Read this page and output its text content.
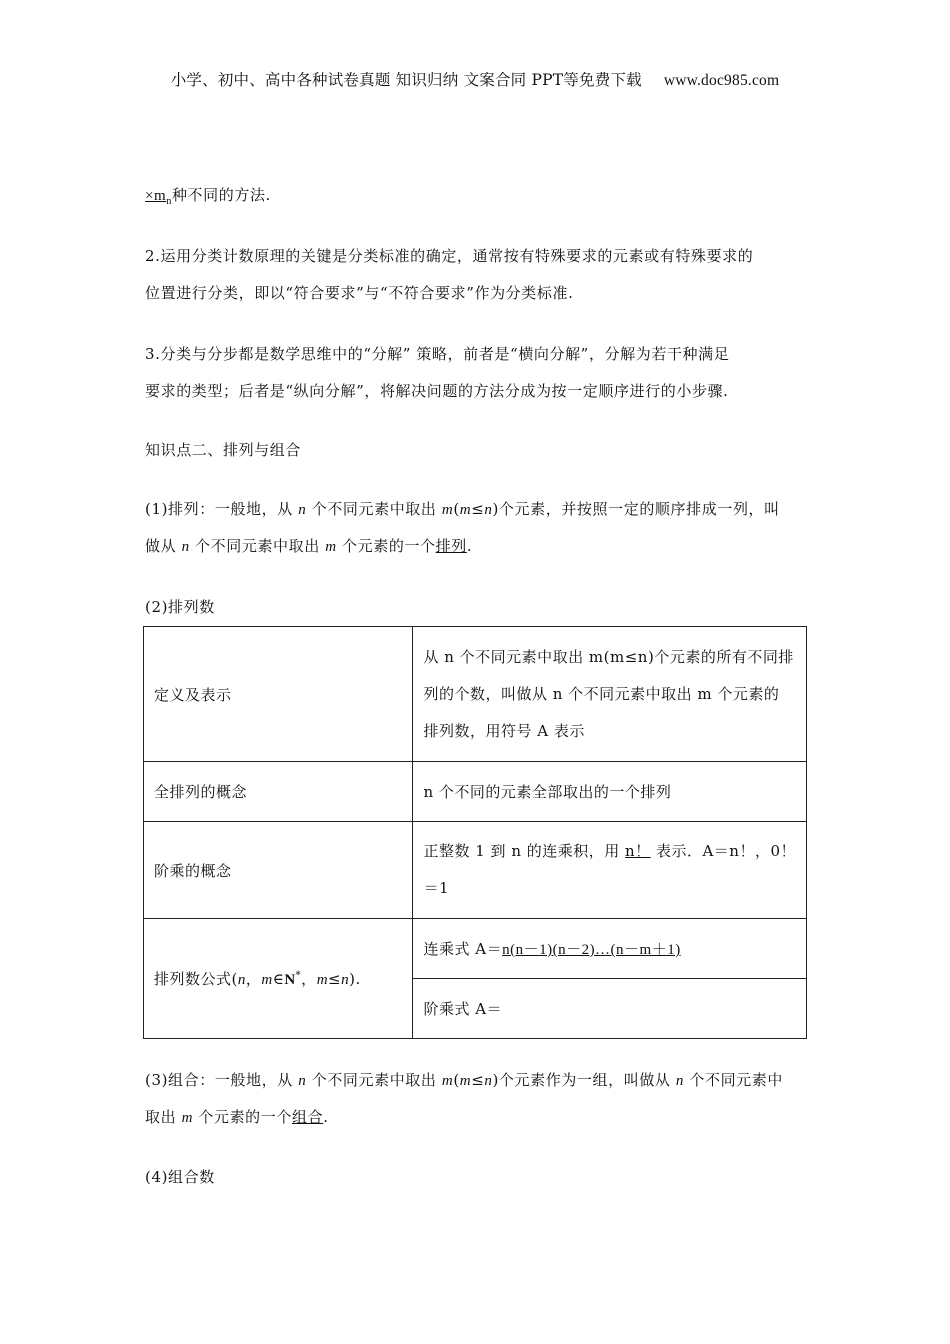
小学、初中、高中各种试卷真题 知识归纳 文案合同 PPT等免费下载 www.doc985.com
$\times m_n$种不同的方法.
2.运用分类计数原理的关键是分类标准的确定，通常按有特殊要求的元素或有特殊要求的
位置进行分类，即以“符合要求”与“不符合要求”作为分类标准.
3.分类与分步都是数学思维中的“分解” 策略，前者是“横向分解”，分解为若干种满足
要求的类型；后者是“纵向分解”，将解决问题的方法分成为按一定顺序进行的小步骤.
知识点二、排列与组合
(1)排列：一般地，从 n 个不同元素中取出 m(m≤n)个元素，并按照一定的顺序排成一列，叫
做从 n 个不同元素中取出 m 个元素的一个排列.
(2)排列数
定义及表示	从 n 个不同元素中取出 m(m≤n)个元素的所有不同排
列的个数，叫做从 n 个不同元素中取出 m 个元素的
排列数，用符号 A 表示

全排列的概念	n 个不同的元素全部取出的一个排列
阶乘的概念	正整数 1 到 n 的连乘积，用 n！ 表示．A＝n！，0！
＝1

排列数公式(n，m∈N*，m≤n).	连乘式 A＝n(n－1)(n－2)…(n－m＋1)
	阶乘式 A＝
(3)组合：一般地，从 n 个不同元素中取出 m(m≤n)个元素作为一组，叫做从 n 个不同元素中
取出 m 个元素的一个组合.
(4)组合数
